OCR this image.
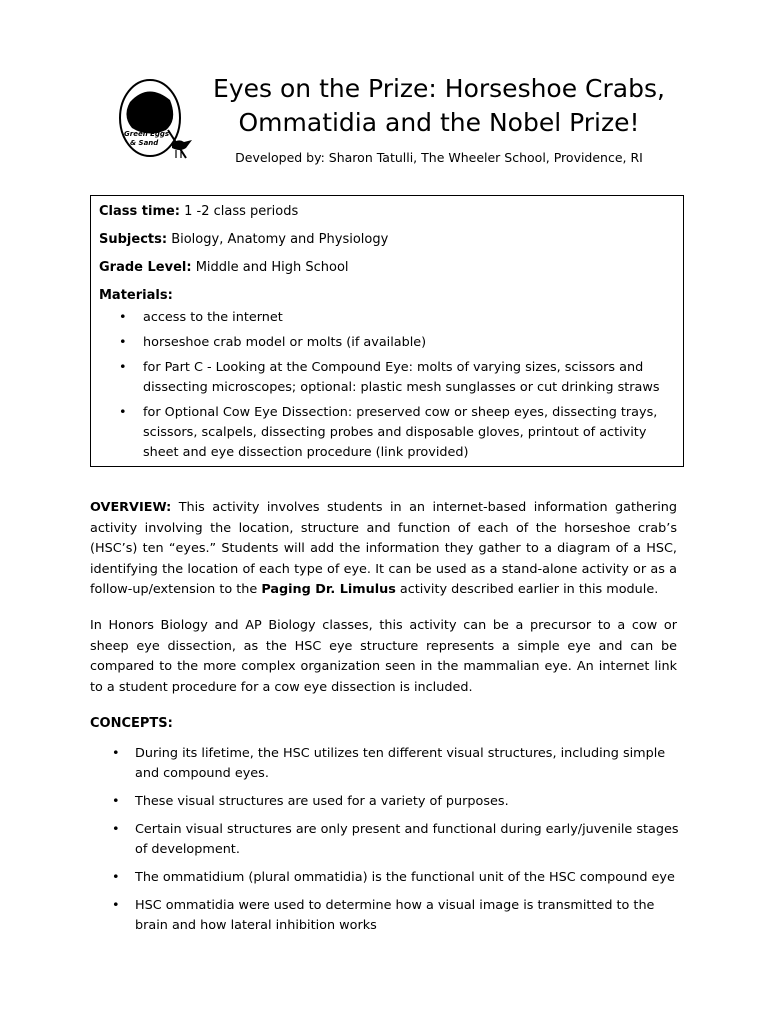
Green Eggs
& Sand
Eyes on the Prize: Horseshoe Crabs,
Ommatidia and the Nobel Prize!
Developed by: Sharon Tatulli, The Wheeler School, Providence, RI

Class time: 1 -2 class periods

Subjects: Biology, Anatomy and Physiology

Grade Level: Middle and High School

Materials:

• access to the internet
• horseshoe crab model or molts (if available)
• for Part C - Looking at the Compound Eye: molts of varying sizes, scissors and dissecting microscopes; optional: plastic mesh sunglasses or cut drinking straws
• for Optional Cow Eye Dissection: preserved cow or sheep eyes, dissecting trays, scissors, scalpels, dissecting probes and disposable gloves, printout of activity sheet and eye dissection procedure (link provided)

OVERVIEW: This activity involves students in an internet-based information gathering activity involving the location, structure and function of each of the horseshoe crab’s (HSC’s) ten “eyes.” Students will add the information they gather to a diagram of a HSC, identifying the location of each type of eye. It can be used as a stand-alone activity or as a follow-up/extension to the Paging Dr. Limulus activity described earlier in this module.

In Honors Biology and AP Biology classes, this activity can be a precursor to a cow or sheep eye dissection, as the HSC eye structure represents a simple eye and can be compared to the more complex organization seen in the mammalian eye. An internet link to a student procedure for a cow eye dissection is included.

CONCEPTS:
• During its lifetime, the HSC utilizes ten different visual structures, including simple and compound eyes.
• These visual structures are used for a variety of purposes.
• Certain visual structures are only present and functional during early/juvenile stages of development.
• The ommatidium (plural ommatidia) is the functional unit of the HSC compound eye
• HSC ommatidia were used to determine how a visual image is transmitted to the brain and how lateral inhibition works
